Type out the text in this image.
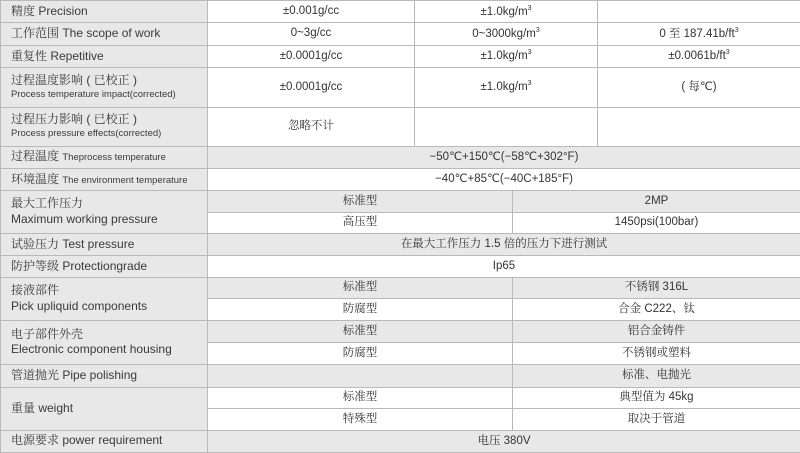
精度 Precision	±0.001g/cc	$\pm 1.0kg/m^3$	
工作范围 The scope of work	0~3g/cc	$0\sim 3000kg/m^3$		0 至 $187.41b/ft^3$
重复性 Repetitive	±0.0001g/cc	$\pm 1.0kg/m^3$		$\pm 0.0061b/ft^3$
过程温度影响 ( 已校正 )
Process temperature impact(corrected)	±0.0001g/cc	$\pm 1.0kg/m^3$		( 每℃)
过程压力影响 ( 已校正 )
Process pressure effects(corrected)	忽略不计			
过程温度 Theprocess temperature	−50℃+150℃(−58℃+302°F)			
环境温度 The environment temperature	−40℃+85℃(−40C+185°F)			
最大工作压力
Maximum working pressure	标准型		2MP	
	高压型		1450psi(100bar)	
试验压力 Test pressure	在最大工作压力 1.5 倍的压力下进行测试			
防护等级 Protectiongrade	Ip65			
接液部件
Pick upliquid components	标准型		不锈钢 316L	
	防腐型		合金 C222、钛	
电子部件外壳
Electronic component housing	标准型		铝合金铸件	
	防腐型		不锈钢或塑料	
管道抛光 Pipe polishing			标准、电抛光	
重量 weight	标准型		典型值为 45kg	
	特殊型		取决于管道	
电源要求 power requirement	电压 380V			
